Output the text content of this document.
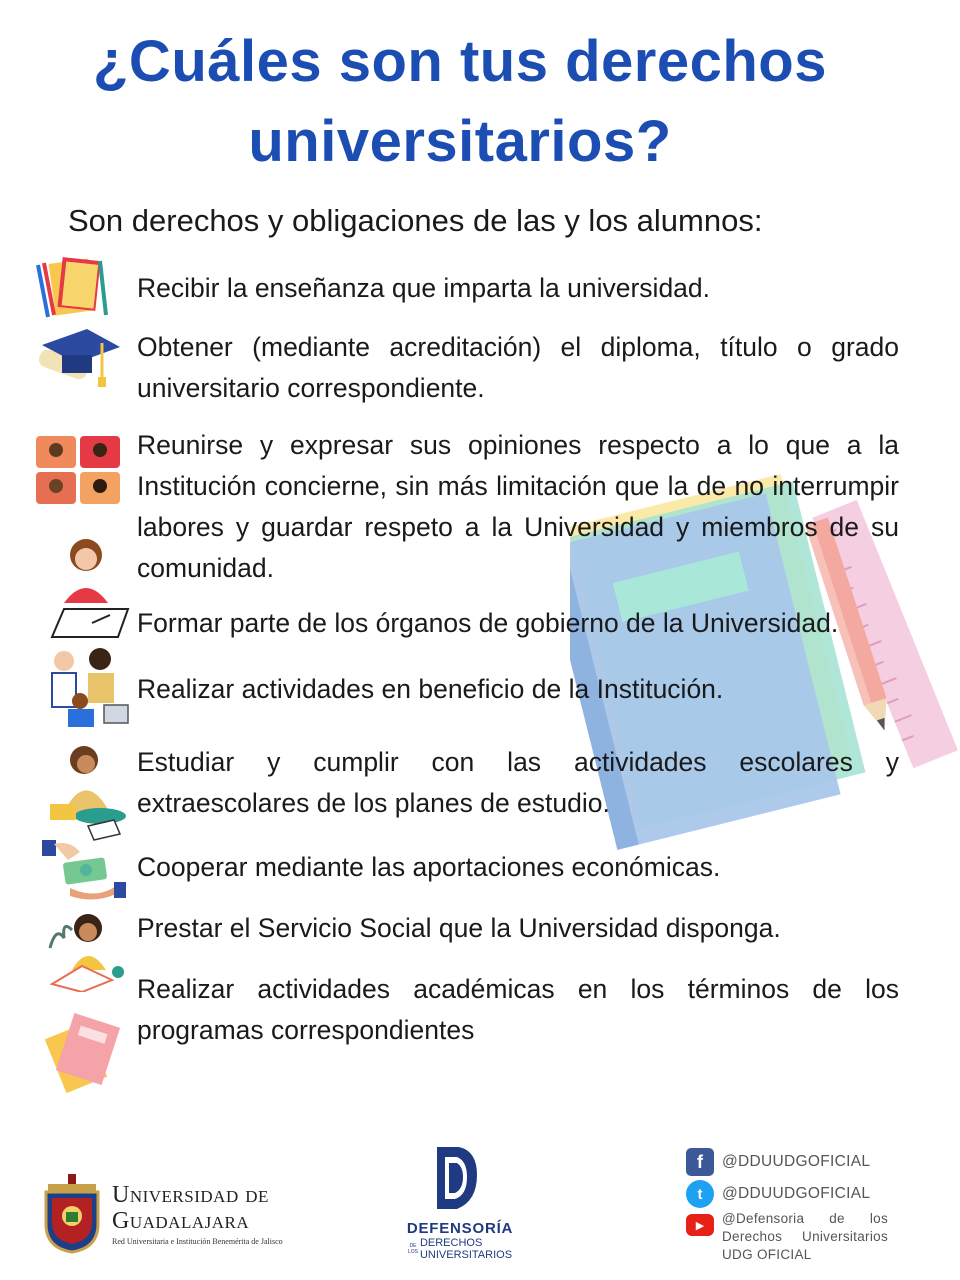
¿Cuáles son tus derechos
universitarios?
Son derechos y obligaciones de las y los alumnos:
Recibir la enseñanza que imparta la universidad.
Obtener (mediante acreditación) el diploma, título o grado universitario correspondiente.
Reunirse y expresar sus opiniones respecto a lo que a la Institución concierne, sin más limitación que la de no interrumpir labores y guardar respeto a la Universidad y miembros de su comunidad.
Formar parte de los órganos de gobierno de la Universidad.
Realizar actividades en beneficio de la Institución.
Estudiar y cumplir con las actividades escolares y extraescolares de los planes de estudio.
Cooperar mediante las aportaciones económicas.
Prestar el Servicio Social que la Universidad disponga.
Realizar actividades académicas en los términos de los programas correspondientes
Universidad de
Guadalajara
Red Universitaria e Institución Benemérita de Jalisco
DEFENSORÍA
DE LOS
DERECHOS
UNIVERSITARIOS
f	@DDUUDGOFICIAL
t	@DDUUDGOFICIAL
▶	@Defensoria de los Derechos Universitarios UDG OFICIAL
